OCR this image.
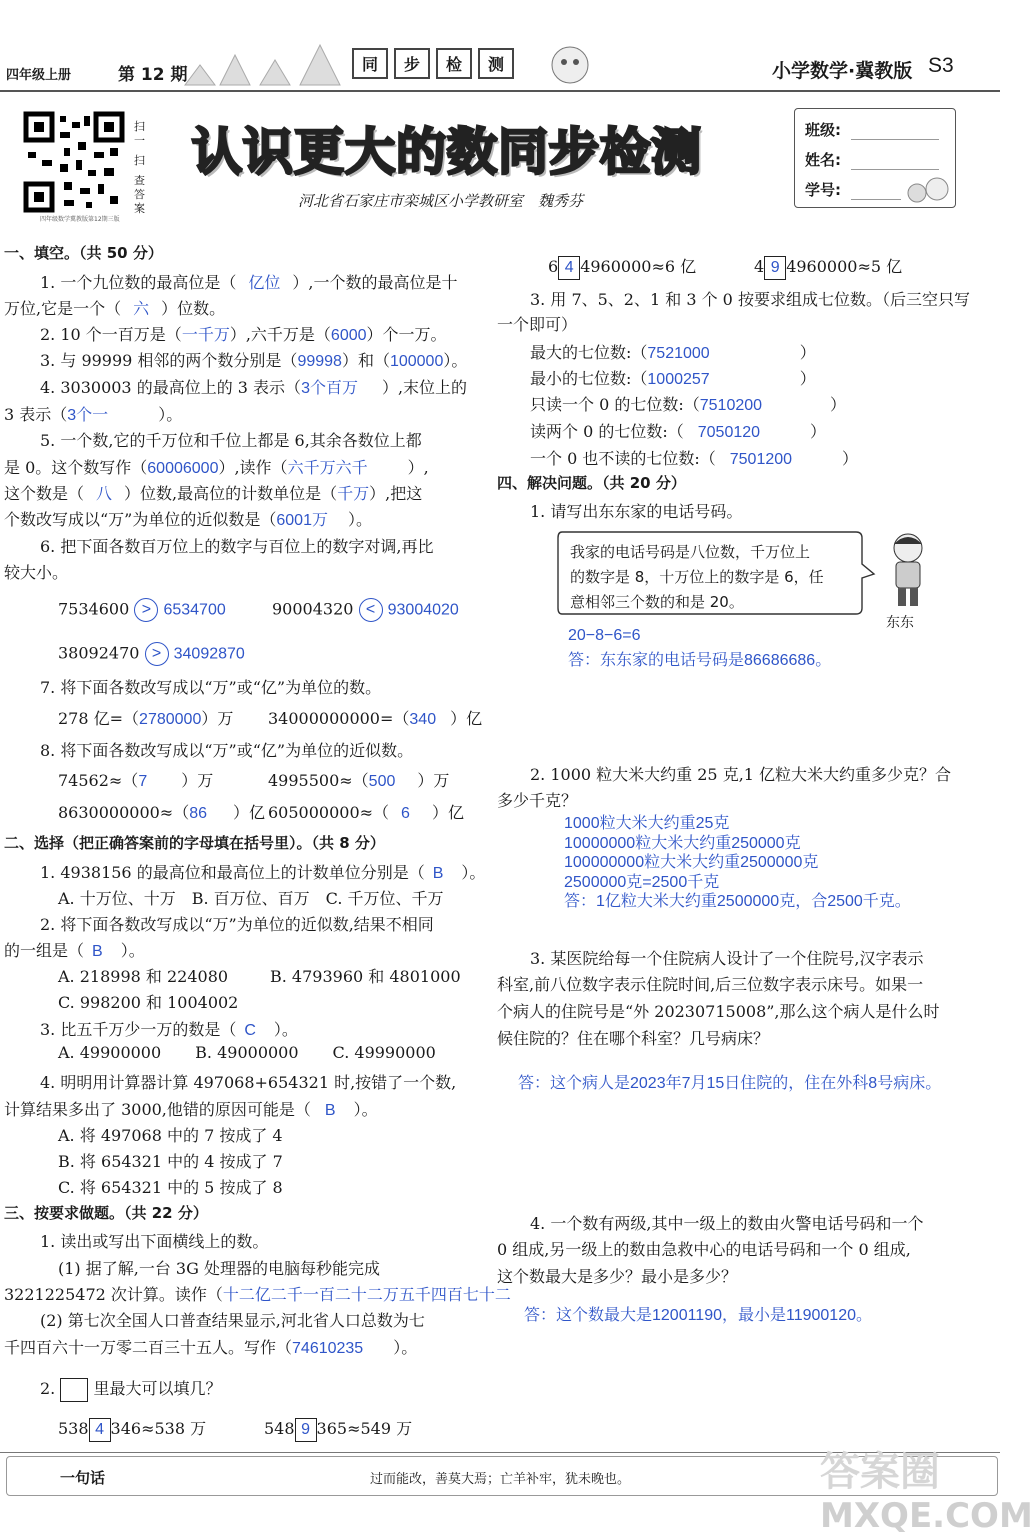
四年级上册	第 12 期
同	步	检	测	小学数学·冀教版 S3
扫
一
扫
查答案
四年级数学冀教版第12期三版
认识更大的数同步检测
河北省石家庄市栾城区小学教研室　魏秀芬
班级:
姓名:
学号:
一、填空。（共 50 分）
1. 一个九位数的最高位是（ 亿位 ）,一个数的最高位是十
万位,它是一个（ 六 ）位数。
2. 10 个一百万是（一千万）,六千万是（6000）个一万。
3. 与 99999 相邻的两个数分别是（99998）和（100000）。
4. 3030003 的最高位上的 3 表示（3个百万 ）,末位上的
3 表示（3个一	）。
5. 一个数,它的千万位和千位上都是 6,其余各数位上都
是 0。这个数写作（60006000）,读作（六千万六千	）,
这个数是（ 八 ）位数,最高位的计数单位是（千万）,把这
个数改写成以“万”为单位的近似数是（6001万 ）。
6. 把下面各数百万位上的数字与百位上的数字对调,再比
较大小。
7534600 > 6534700	90004320 < 93004020
38092470 > 34092870
7. 将下面各数改写成以“万”或“亿”为单位的数。
278 亿=（2780000）万 34000000000=（340 ）亿
8. 将下面各数改写成以“万”或“亿”为单位的近似数。
74562≈（7 ）万	4995500≈（500 ）万
8630000000≈（86 ）亿 605000000≈（ 6 ）亿
二、选择（把正确答案前的字母填在括号里）。（共 8 分）
1. 4938156 的最高位和最高位上的计数单位分别是（ B ）。
A. 十万位、十万 B. 百万位、百万 C. 千万位、千万
2. 将下面各数改写成以“万”为单位的近似数,结果不相同
的一组是（ B ）。
A. 218998 和 224080	B. 4793960 和 4801000
C. 998200 和 1004002
3. 比五千万少一万的数是（ C ）。
A. 49900000 B. 49000000 C. 49990000
4. 明明用计算器计算 497068+654321 时,按错了一个数,
计算结果多出了 3000,他错的原因可能是（ B ）。
A. 将 497068 中的 7 按成了 4
B. 将 654321 中的 4 按成了 7
C. 将 654321 中的 5 按成了 8
三、按要求做题。（共 22 分）
1. 读出或写出下面横线上的数。
(1) 据了解,一台 3G 处理器的电脑每秒能完成
3221225472 次计算。读作（十二亿二千一百二十二万五千四百七十二
(2) 第七次全国人口普查结果显示,河北省人口总数为七
千四百六十一万零二百三十五人。写作（74610235 ）。
2. 里最大可以填几？
538 4 346≈538 万	548 9 365≈549 万
6 4 4960000≈6 亿	4 9 4960000≈5 亿
3. 用 7、5、2、1 和 3 个 0 按要求组成七位数。（后三空只写
一个即可）
最大的七位数:（7521000	）
最小的七位数:（1000257	）
只读一个 0 的七位数:（7510200	）
读两个 0 的七位数:（ 7050120	）
一个 0 也不读的七位数:（ 7501200	）
四、解决问题。（共 20 分）
1. 请写出东东家的电话号码。
我家的电话号码是八位数，千万位上
的数字是 8，十万位上的数字是 6，任
意相邻三个数的和是 20。
东东
20−8−6=6
答：东东家的电话号码是86686686。
2. 1000 粒大米大约重 25 克,1 亿粒大米大约重多少克？合
多少千克？
1000粒大米大约重25克
10000000粒大米大约重250000克
100000000粒大米大约重2500000克
2500000克=2500千克
答：1亿粒大米大约重2500000克，合2500千克。
3. 某医院给每一个住院病人设计了一个住院号,汉字表示
科室,前八位数字表示住院时间,后三位数字表示床号。如果一
个病人的住院号是“外 20230715008”,那么这个病人是什么时
候住院的？住在哪个科室？几号病床？
答：这个病人是2023年7月15日住院的，住在外科8号病床。
4. 一个数有两级,其中一级上的数由火警电话号码和一个
0 组成,另一级上的数由急救中心的电话号码和一个 0 组成,
这个数最大是多少？最小是多少？
答：这个数最大是12001190，最小是11900120。
一句话	过而能改，善莫大焉；亡羊补牢，犹未晚也。	答案圈
MXQE.COM
